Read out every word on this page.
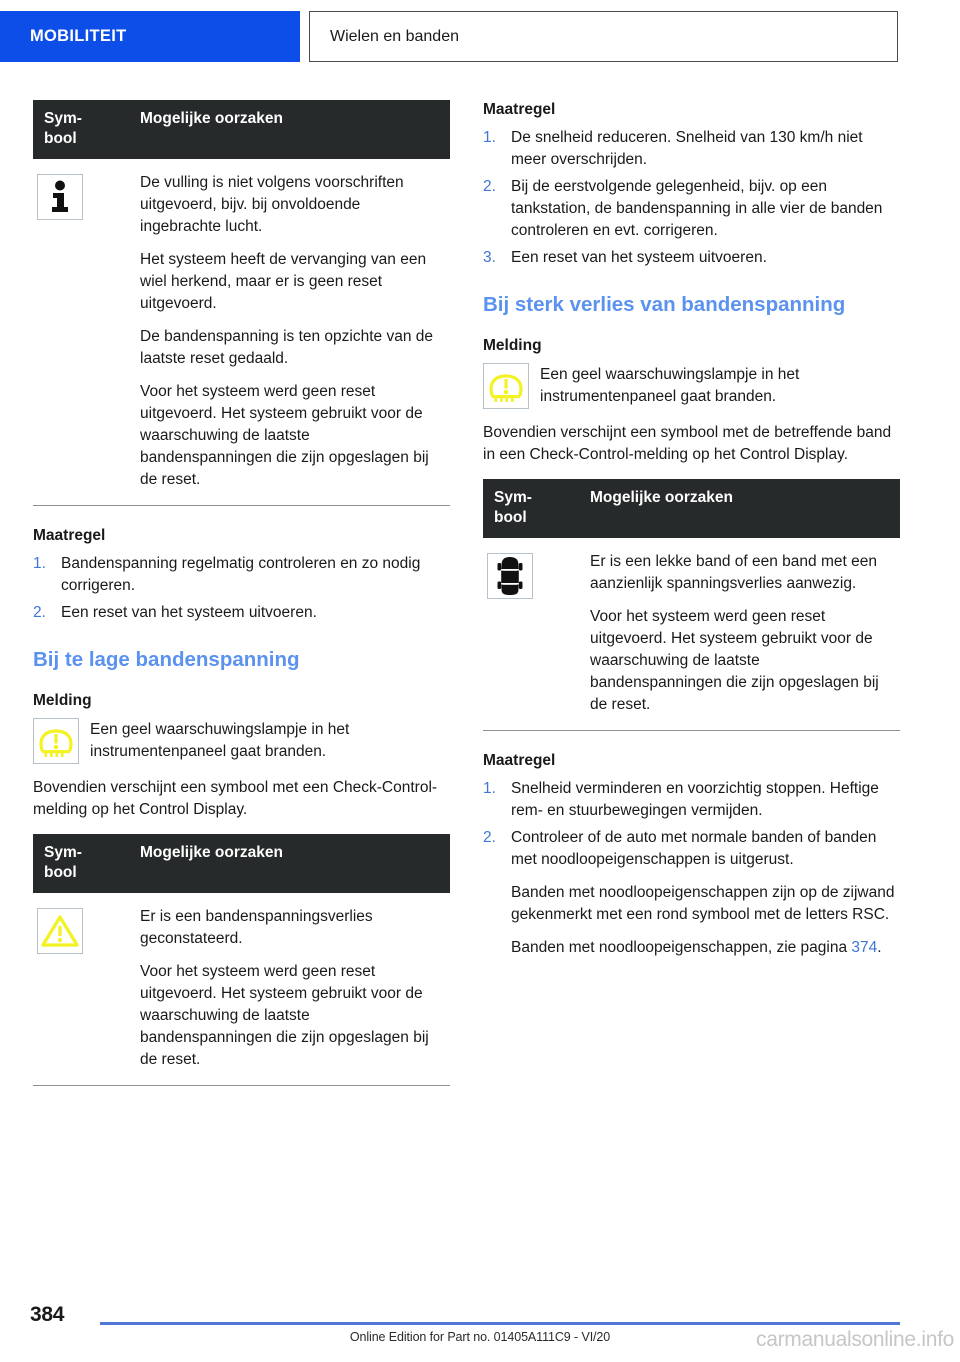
MOBILITEIT	Wielen en banden
Sym-
bool	Mogelijke oorzaken

De vulling is niet volgens voorschriften uitgevoerd, bijv. bij onvoldoende ingebrachte lucht.

Het systeem heeft de vervanging van een wiel herkend, maar er is geen reset uitgevoerd.

De bandenspanning is ten opzichte van de laatste reset gedaald.

Voor het systeem werd geen reset uitgevoerd. Het systeem gebruikt voor de waarschuwing de laatste bandenspanningen die zijn opgeslagen bij de reset.

Maatregel
1. Bandenspanning regelmatig controleren en zo nodig corrigeren.
2. Een reset van het systeem uitvoeren.
Bij te lage bandenspanning
Melding
Een geel waarschuwingslampje in het instrumentenpaneel gaat branden.

Bovendien verschijnt een symbool met een Check-Control-melding op het Control Display.

Sym-
bool	Mogelijke oorzaken

Er is een bandenspanningsverlies geconstateerd.

Voor het systeem werd geen reset uitgevoerd. Het systeem gebruikt voor de waarschuwing de laatste bandenspanningen die zijn opgeslagen bij de reset.

Maatregel
1. De snelheid reduceren. Snelheid van 130 km/h niet meer overschrijden.
2. Bij de eerstvolgende gelegenheid, bijv. op een tankstation, de bandenspanning in alle vier de banden controleren en evt. corrigeren.
3. Een reset van het systeem uitvoeren.
Bij sterk verlies van bandenspanning
Melding
Een geel waarschuwingslampje in het instrumentenpaneel gaat branden.

Bovendien verschijnt een symbool met de betreffende band in een Check-Control-melding op het Control Display.

Sym-
bool	Mogelijke oorzaken

Er is een lekke band of een band met een aanzienlijk spanningsverlies aanwezig.

Voor het systeem werd geen reset uitgevoerd. Het systeem gebruikt voor de waarschuwing de laatste bandenspanningen die zijn opgeslagen bij de reset.

Maatregel
1. Snelheid verminderen en voorzichtig stoppen. Heftige rem- en stuurbewegingen vermijden.
2. Controleer of de auto met normale banden of banden met noodloopeigenschappen is uitgerust.
Banden met noodloopeigenschappen zijn op de zijwand gekenmerkt met een rond symbool met de letters RSC.
Banden met noodloopeigenschappen, zie pagina 374.
384
Online Edition for Part no. 01405A111C9 - VI/20	carmanualsonline.info
